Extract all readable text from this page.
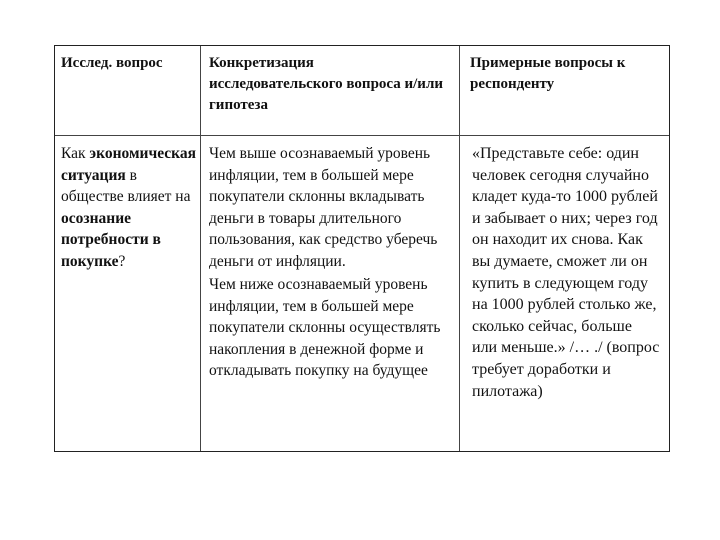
Исслед. вопрос	Конкретизация исследовательского вопроса и/или гипотеза
Примерные вопросы к респонденту
Как экономическая ситуация в обществе влияет на осознание потребности в покупке?
Чем выше осознаваемый уровень инфляции, тем в большей мере покупатели склонны вкладывать деньги в товары длительного пользования, как средство уберечь деньги от инфляции.
Чем ниже осознаваемый уровень инфляции, тем в большей мере покупатели склонны осуществлять накопления в денежной форме и откладывать покупку на будущее
«Представьте себе: один человек сегодня случайно кладет куда-то 1000 рублей и забывает о них; через год он находит их снова. Как вы думаете, сможет ли он купить в следующем году на 1000 рублей столько же, сколько сейчас, больше или меньше.» /… ./ (вопрос требует доработки и пилотажа)
